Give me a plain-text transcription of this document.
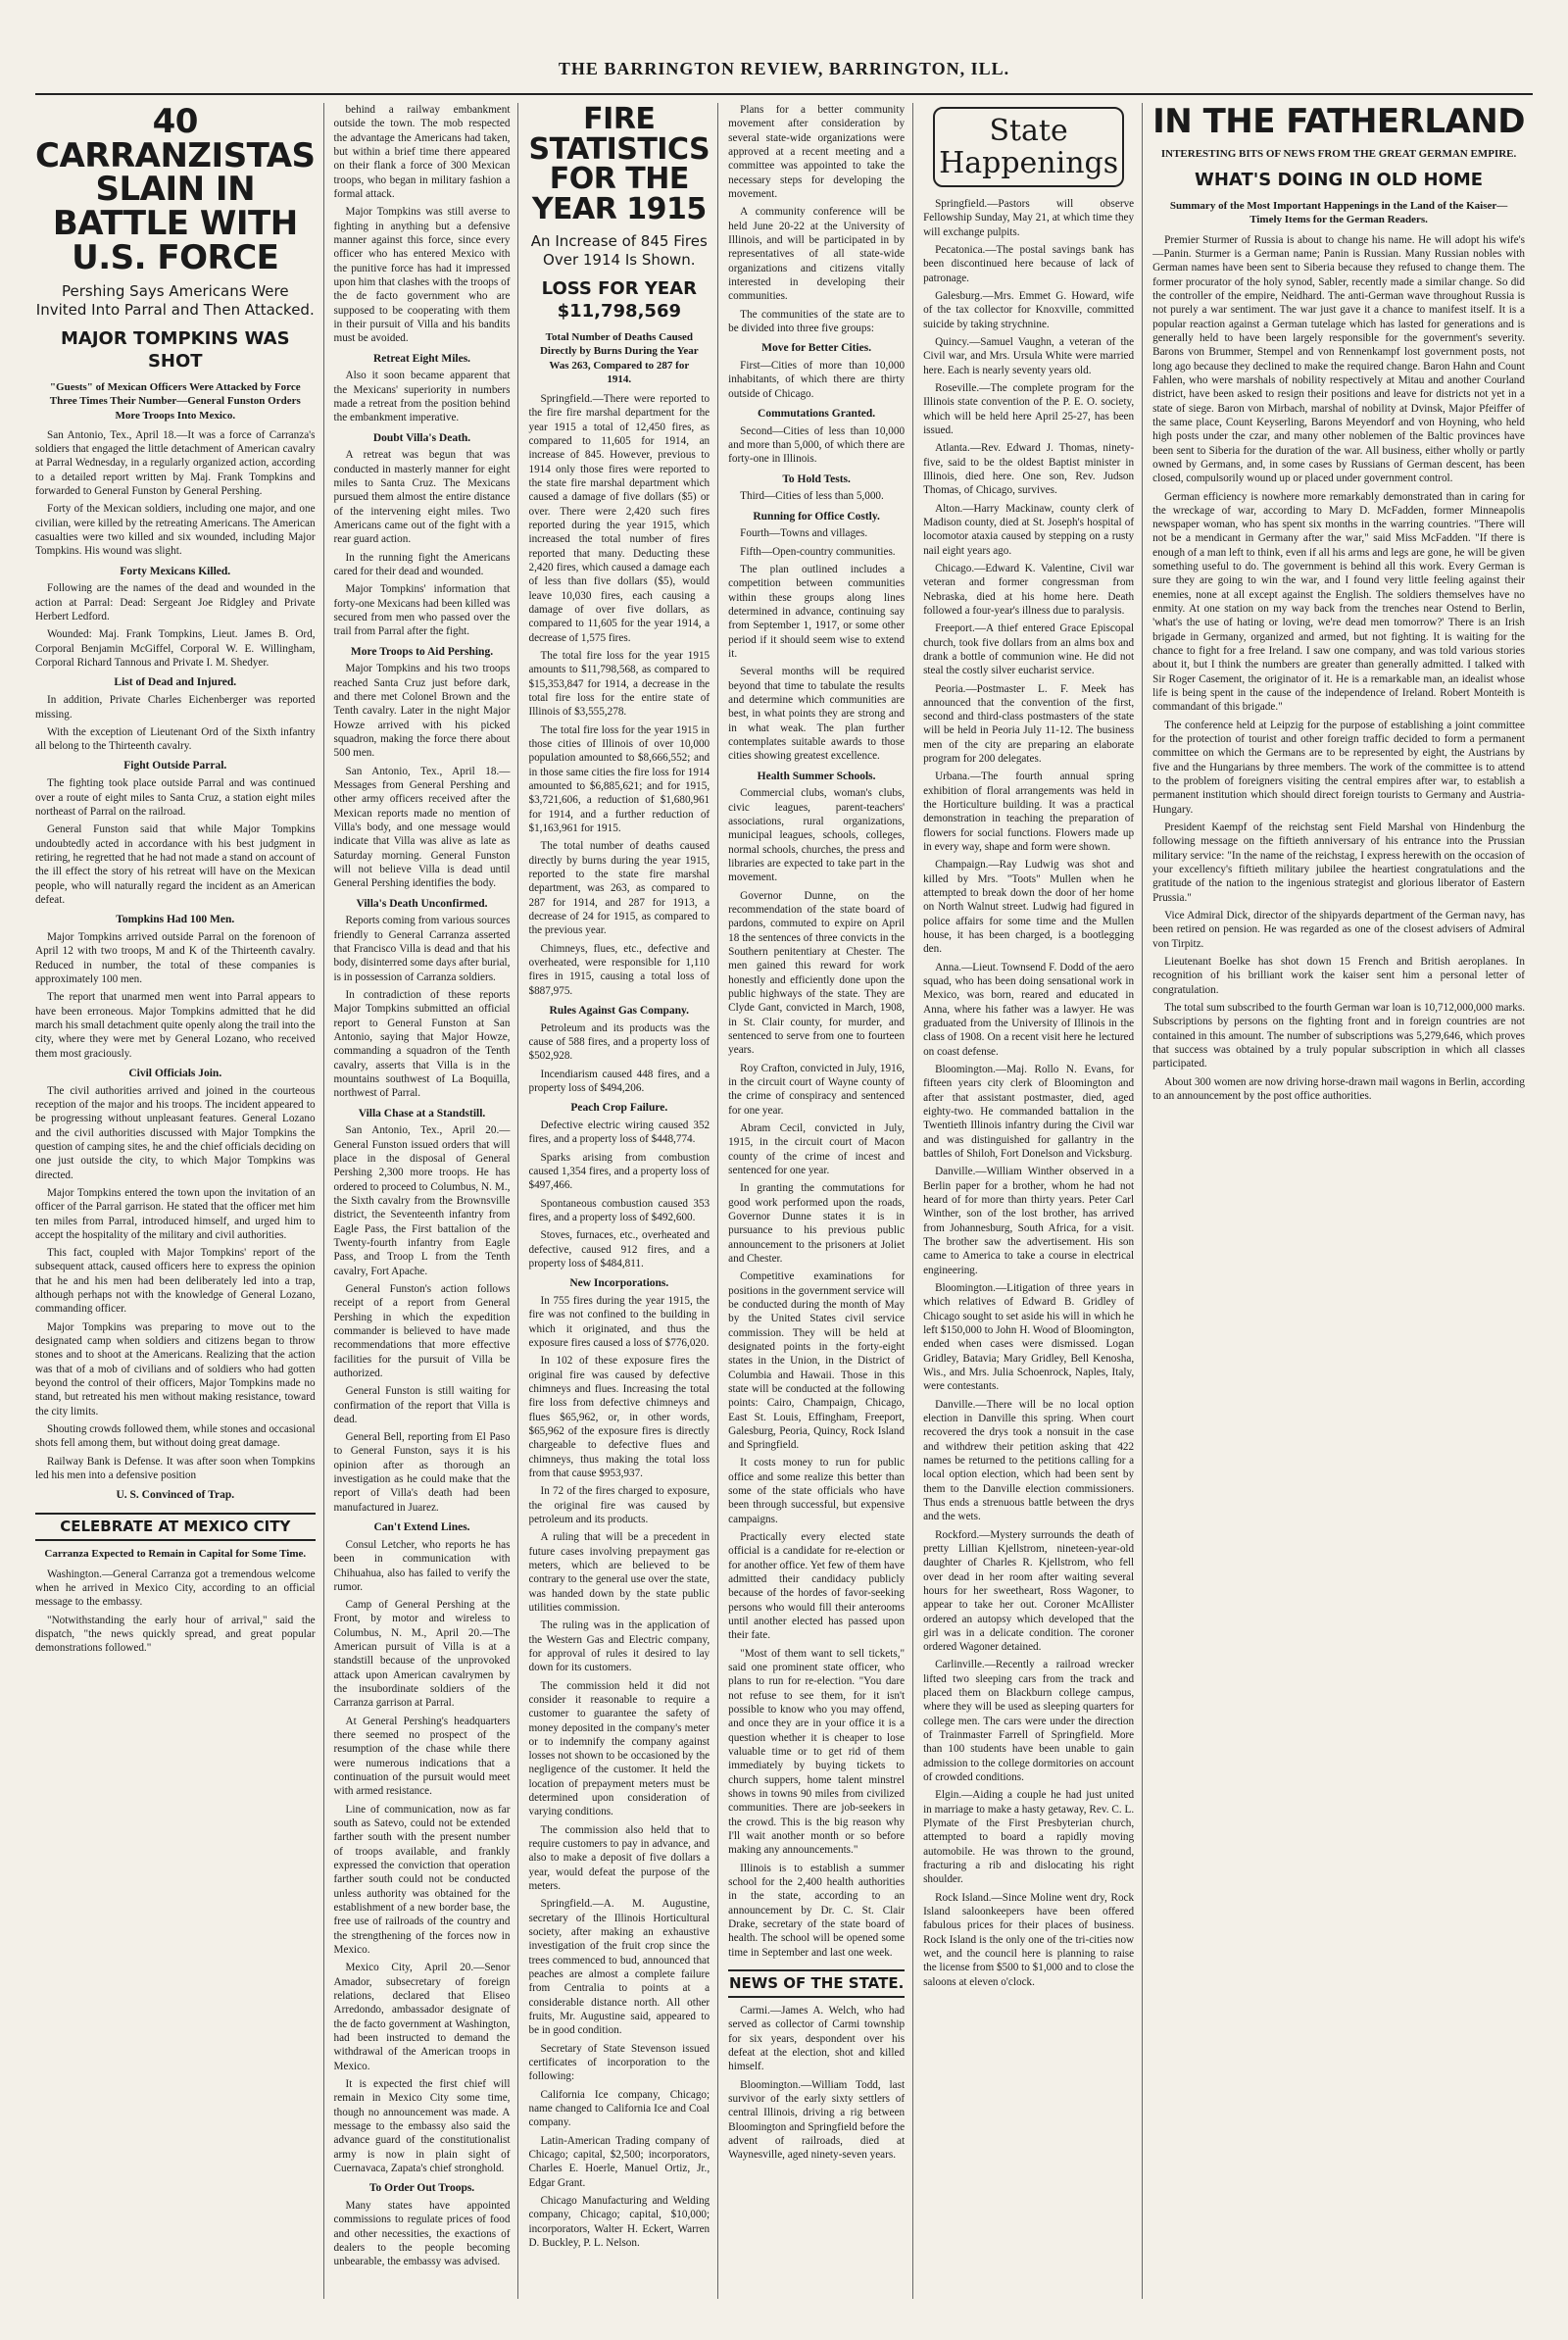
THE BARRINGTON REVIEW, BARRINGTON, ILL.
40 CARRANZISTAS SLAIN IN BATTLE WITH U.S. FORCE
Pershing Says Americans Were Invited Into Parral and Then Attacked.
MAJOR TOMPKINS WAS SHOT
"Guests" of Mexican Officers Were Attacked by Force Three Times Their Number—General Funston Orders More Troops Into Mexico.

San Antonio, Tex., April 18.—It was a force of Carranza's soldiers that engaged the little detachment of American cavalry at Parral Wednesday, in a regularly organized action, according to a detailed report written by Maj. Frank Tompkins and forwarded to General Funston by General Pershing.

Forty of the Mexican soldiers, including one major, and one civilian, were killed by the retreating Americans. The American casualties were two killed and six wounded, including Major Tompkins. His wound was slight.

Forty Mexicans Killed.

Following are the names of the dead and wounded in the action at Parral: Dead: Sergeant Joe Ridgley and Private Herbert Ledford.

Wounded: Maj. Frank Tompkins, Lieut. James B. Ord, Corporal Benjamin McGiffel, Corporal W. E. Willingham, Corporal Richard Tannous and Private I. M. Shedyer.

List of Dead and Injured.

In addition, Private Charles Eichenberger was reported missing.

With the exception of Lieutenant Ord of the Sixth infantry all belong to the Thirteenth cavalry.

Fight Outside Parral.

The fighting took place outside Parral and was continued over a route of eight miles to Santa Cruz, a station eight miles northeast of Parral on the railroad.

General Funston said that while Major Tompkins undoubtedly acted in accordance with his best judgment in retiring, he regretted that he had not made a stand on account of the ill effect the story of his retreat will have on the Mexican people, who will naturally regard the incident as an American defeat.

Tompkins Had 100 Men.

Major Tompkins arrived outside Parral on the forenoon of April 12 with two troops, M and K of the Thirteenth cavalry. Reduced in number, the total of these companies is approximately 100 men.

The report that unarmed men went into Parral appears to have been erroneous. Major Tompkins admitted that he did march his small detachment quite openly along the trail into the city, where they were met by General Lozano, who received them most graciously.

Civil Officials Join.

The civil authorities arrived and joined in the courteous reception of the major and his troops. The incident appeared to be progressing without unpleasant features. General Lozano and the civil authorities discussed with Major Tompkins the question of camping sites, he and the chief officials deciding on one just outside the city, to which Major Tompkins was directed.

Major Tompkins entered the town upon the invitation of an officer of the Parral garrison. He stated that the officer met him ten miles from Parral, introduced himself, and urged him to accept the hospitality of the military and civil authorities.

This fact, coupled with Major Tompkins' report of the subsequent attack, caused officers here to express the opinion that he and his men had been deliberately led into a trap, although perhaps not with the knowledge of General Lozano, commanding officer.

Major Tompkins was preparing to move out to the designated camp when soldiers and citizens began to throw stones and to shoot at the Americans. Realizing that the action was that of a mob of civilians and of soldiers who had gotten beyond the control of their officers, Major Tompkins made no stand, but retreated his men without making resistance, toward the city limits.

Shouting crowds followed them, while stones and occasional shots fell among them, but without doing great damage.

Railway Bank is Defense. It was after soon when Tompkins led his men into a defensive position

U. S. Convinced of Trap.
CELEBRATE AT MEXICO CITY
Carranza Expected to Remain in Capital for Some Time.

Washington.—General Carranza got a tremendous welcome when he arrived in Mexico City, according to an official message to the embassy.

"Notwithstanding the early hour of arrival," said the dispatch, "the news quickly spread, and great popular demonstrations followed."

behind a railway embankment outside the town. The mob respected the advantage the Americans had taken, but within a brief time there appeared on their flank a force of 300 Mexican troops, who began in military fashion a formal attack.

Major Tompkins was still averse to fighting in anything but a defensive manner against this force, since every officer who has entered Mexico with the punitive force has had it impressed upon him that clashes with the troops of the de facto government who are supposed to be cooperating with them in their pursuit of Villa and his bandits must be avoided.

Retreat Eight Miles.

Also it soon became apparent that the Mexicans' superiority in numbers made a retreat from the position behind the embankment imperative.

Doubt Villa's Death.

A retreat was begun that was conducted in masterly manner for eight miles to Santa Cruz. The Mexicans pursued them almost the entire distance of the intervening eight miles. Two Americans came out of the fight with a rear guard action.

In the running fight the Americans cared for their dead and wounded.

Major Tompkins' information that forty-one Mexicans had been killed was secured from men who passed over the trail from Parral after the fight.

More Troops to Aid Pershing.

Major Tompkins and his two troops reached Santa Cruz just before dark, and there met Colonel Brown and the Tenth cavalry. Later in the night Major Howze arrived with his picked squadron, making the force there about 500 men.

San Antonio, Tex., April 18.—Messages from General Pershing and other army officers received after the Mexican reports made no mention of Villa's body, and one message would indicate that Villa was alive as late as Saturday morning. General Funston will not believe Villa is dead until General Pershing identifies the body.

Villa's Death Unconfirmed.

Reports coming from various sources friendly to General Carranza asserted that Francisco Villa is dead and that his body, disinterred some days after burial, is in possession of Carranza soldiers.

In contradiction of these reports Major Tompkins submitted an official report to General Funston at San Antonio, saying that Major Howze, commanding a squadron of the Tenth cavalry, asserts that Villa is in the mountains southwest of La Boquilla, northwest of Parral.

Villa Chase at a Standstill.

San Antonio, Tex., April 20.—General Funston issued orders that will place in the disposal of General Pershing 2,300 more troops. He has ordered to proceed to Columbus, N. M., the Sixth cavalry from the Brownsville district, the Seventeenth infantry from Eagle Pass, the First battalion of the Twenty-fourth infantry from Eagle Pass, and Troop L from the Tenth cavalry, Fort Apache.

General Funston's action follows receipt of a report from General Pershing in which the expedition commander is believed to have made recommendations that more effective facilities for the pursuit of Villa be authorized.

General Funston is still waiting for confirmation of the report that Villa is dead.

General Bell, reporting from El Paso to General Funston, says it is his opinion after as thorough an investigation as he could make that the report of Villa's death had been manufactured in Juarez.

Can't Extend Lines.

Consul Letcher, who reports he has been in communication with Chihuahua, also has failed to verify the rumor.

Camp of General Pershing at the Front, by motor and wireless to Columbus, N. M., April 20.—The American pursuit of Villa is at a standstill because of the unprovoked attack upon American cavalrymen by the insubordinate soldiers of the Carranza garrison at Parral.

At General Pershing's headquarters there seemed no prospect of the resumption of the chase while there were numerous indications that a continuation of the pursuit would meet with armed resistance.

Line of communication, now as far south as Satevo, could not be extended farther south with the present number of troops available, and frankly expressed the conviction that operation farther south could not be conducted unless authority was obtained for the establishment of a new border base, the free use of railroads of the country and the strengthening of the forces now in Mexico.

Mexico City, April 20.—Senor Amador, subsecretary of foreign relations, declared that Eliseo Arredondo, ambassador designate of the de facto government at Washington, had been instructed to demand the withdrawal of the American troops in Mexico.

It is expected the first chief will remain in Mexico City some time, though no announcement was made. A message to the embassy also said the advance guard of the constitutionalist army is now in plain sight of Cuernavaca, Zapata's chief stronghold.

To Order Out Troops.

Many states have appointed commissions to regulate prices of food and other necessities, the exactions of dealers to the people becoming unbearable, the embassy was advised.

FIRE STATISTICS FOR THE YEAR 1915
An Increase of 845 Fires Over 1914 Is Shown.
LOSS FOR YEAR $11,798,569
Total Number of Deaths Caused Directly by Burns During the Year Was 263, Compared to 287 for 1914.

Springfield.—There were reported to the fire fire marshal department for the year 1915 a total of 12,450 fires, as compared to 11,605 for 1914, an increase of 845. However, previous to 1914 only those fires were reported to the state fire marshal department which caused a damage of five dollars ($5) or over. There were 2,420 such fires reported during the year 1915, which increased the total number of fires reported that many. Deducting these 2,420 fires, which caused a damage each of less than five dollars ($5), would leave 10,030 fires, each causing a damage of over five dollars, as compared to 11,605 for the year 1914, a decrease of 1,575 fires.

The total fire loss for the year 1915 amounts to $11,798,568, as compared to $15,353,847 for 1914, a decrease in the total fire loss for the entire state of Illinois of $3,555,278.

The total fire loss for the year 1915 in those cities of Illinois of over 10,000 population amounted to $8,666,552; and in those same cities the fire loss for 1914 amounted to $6,885,621; and for 1915, $3,721,606, a reduction of $1,680,961 for 1914, and a further reduction of $1,163,961 for 1915.

The total number of deaths caused directly by burns during the year 1915, reported to the state fire marshal department, was 263, as compared to 287 for 1914, and 287 for 1913, a decrease of 24 for 1915, as compared to the previous year.

Chimneys, flues, etc., defective and overheated, were responsible for 1,110 fires in 1915, causing a total loss of $887,975.

Rules Against Gas Company.

Petroleum and its products was the cause of 588 fires, and a property loss of $502,928.

Incendiarism caused 448 fires, and a property loss of $494,206.

Peach Crop Failure.

Defective electric wiring caused 352 fires, and a property loss of $448,774.

Sparks arising from combustion caused 1,354 fires, and a property loss of $497,466.

Spontaneous combustion caused 353 fires, and a property loss of $492,600.

Stoves, furnaces, etc., overheated and defective, caused 912 fires, and a property loss of $484,811.

New Incorporations.

In 755 fires during the year 1915, the fire was not confined to the building in which it originated, and thus the exposure fires caused a loss of $776,020.

In 102 of these exposure fires the original fire was caused by defective chimneys and flues. Increasing the total fire loss from defective chimneys and flues $65,962, or, in other words, $65,962 of the exposure fires is directly chargeable to defective flues and chimneys, thus making the total loss from that cause $953,937.

In 72 of the fires charged to exposure, the original fire was caused by petroleum and its products.

A ruling that will be a precedent in future cases involving prepayment gas meters, which are believed to be contrary to the general use over the state, was handed down by the state public utilities commission.

The ruling was in the application of the Western Gas and Electric company, for approval of rules it desired to lay down for its customers.

The commission held it did not consider it reasonable to require a customer to guarantee the safety of money deposited in the company's meter or to indemnify the company against losses not shown to be occasioned by the negligence of the customer. It held the location of prepayment meters must be determined upon consideration of varying conditions.

The commission also held that to require customers to pay in advance, and also to make a deposit of five dollars a year, would defeat the purpose of the meters.

Springfield.—A. M. Augustine, secretary of the Illinois Horticultural society, after making an exhaustive investigation of the fruit crop since the trees commenced to bud, announced that peaches are almost a complete failure from Centralia to points at a considerable distance north. All other fruits, Mr. Augustine said, appeared to be in good condition.

Secretary of State Stevenson issued certificates of incorporation to the following:

California Ice company, Chicago; name changed to California Ice and Coal company.

Latin-American Trading company of Chicago; capital, $2,500; incorporators, Charles E. Hoerle, Manuel Ortiz, Jr., Edgar Grant.

Chicago Manufacturing and Welding company, Chicago; capital, $10,000; incorporators, Walter H. Eckert, Warren D. Buckley, P. L. Nelson.

Plans for a better community movement after consideration by several state-wide organizations were approved at a recent meeting and a committee was appointed to take the necessary steps for developing the movement.

A community conference will be held June 20-22 at the University of Illinois, and will be participated in by representatives of all state-wide organizations and citizens vitally interested in developing their communities.

The communities of the state are to be divided into three five groups:

Move for Better Cities.

First—Cities of more than 10,000 inhabitants, of which there are thirty outside of Chicago.

Commutations Granted.

Second—Cities of less than 10,000 and more than 5,000, of which there are forty-one in Illinois.

To Hold Tests.

Third—Cities of less than 5,000.

Running for Office Costly.

Fourth—Towns and villages.

Fifth—Open-country communities.

The plan outlined includes a competition between communities within these groups along lines determined in advance, continuing say from September 1, 1917, or some other period if it should seem wise to extend it.

Several months will be required beyond that time to tabulate the results and determine which communities are best, in what points they are strong and in what weak. The plan further contemplates suitable awards to those cities showing greatest excellence.

Health Summer Schools.

Commercial clubs, woman's clubs, civic leagues, parent-teachers' associations, rural organizations, municipal leagues, schools, colleges, normal schools, churches, the press and libraries are expected to take part in the movement.

Governor Dunne, on the recommendation of the state board of pardons, commuted to expire on April 18 the sentences of three convicts in the Southern penitentiary at Chester. The men gained this reward for work honestly and efficiently done upon the public highways of the state. They are Clyde Gant, convicted in March, 1908, in St. Clair county, for murder, and sentenced to serve from one to fourteen years.

Roy Crafton, convicted in July, 1916, in the circuit court of Wayne county of the crime of conspiracy and sentenced for one year.

Abram Cecil, convicted in July, 1915, in the circuit court of Macon county of the crime of incest and sentenced for one year.

In granting the commutations for good work performed upon the roads, Governor Dunne states it is in pursuance to his previous public announcement to the prisoners at Joliet and Chester.

Competitive examinations for positions in the government service will be conducted during the month of May by the United States civil service commission. They will be held at designated points in the forty-eight states in the Union, in the District of Columbia and Hawaii. Those in this state will be conducted at the following points: Cairo, Champaign, Chicago, East St. Louis, Effingham, Freeport, Galesburg, Peoria, Quincy, Rock Island and Springfield.

It costs money to run for public office and some realize this better than some of the state officials who have been through successful, but expensive campaigns.

Practically every elected state official is a candidate for re-election or for another office. Yet few of them have admitted their candidacy publicly because of the hordes of favor-seeking persons who would fill their anterooms until another elected has passed upon their fate.

"Most of them want to sell tickets," said one prominent state officer, who plans to run for re-election. "You dare not refuse to see them, for it isn't possible to know who you may offend, and once they are in your office it is a question whether it is cheaper to lose valuable time or to get rid of them immediately by buying tickets to church suppers, home talent minstrel shows in towns 90 miles from civilized communities. There are job-seekers in the crowd. This is the big reason why I'll wait another month or so before making any announcements."

Illinois is to establish a summer school for the 2,400 health authorities in the state, according to an announcement by Dr. C. St. Clair Drake, secretary of the state board of health. The school will be opened some time in September and last one week.

NEWS OF THE STATE.

Carmi.—James A. Welch, who had served as collector of Carmi township for six years, despondent over his defeat at the election, shot and killed himself.

Bloomington.—William Todd, last survivor of the early sixty settlers of central Illinois, driving a rig between Bloomington and Springfield before the advent of railroads, died at Waynesville, aged ninety-seven years.

State Happenings

Springfield.—Pastors will observe Fellowship Sunday, May 21, at which time they will exchange pulpits.

Pecatonica.—The postal savings bank has been discontinued here because of lack of patronage.

Galesburg.—Mrs. Emmet G. Howard, wife of the tax collector for Knoxville, committed suicide by taking strychnine.

Quincy.—Samuel Vaughn, a veteran of the Civil war, and Mrs. Ursula White were married here. Each is nearly seventy years old.

Roseville.—The complete program for the Illinois state convention of the P. E. O. society, which will be held here April 25-27, has been issued.

Atlanta.—Rev. Edward J. Thomas, ninety-five, said to be the oldest Baptist minister in Illinois, died here. One son, Rev. Judson Thomas, of Chicago, survives.

Alton.—Harry Mackinaw, county clerk of Madison county, died at St. Joseph's hospital of locomotor ataxia caused by stepping on a rusty nail eight years ago.

Chicago.—Edward K. Valentine, Civil war veteran and former congressman from Nebraska, died at his home here. Death followed a four-year's illness due to paralysis.

Freeport.—A thief entered Grace Episcopal church, took five dollars from an alms box and drank a bottle of communion wine. He did not steal the costly silver eucharist service.

Peoria.—Postmaster L. F. Meek has announced that the convention of the first, second and third-class postmasters of the state will be held in Peoria July 11-12. The business men of the city are preparing an elaborate program for 200 delegates.

Urbana.—The fourth annual spring exhibition of floral arrangements was held in the Horticulture building. It was a practical demonstration in teaching the preparation of flowers for social functions. Flowers made up in every way, shape and form were shown.

Champaign.—Ray Ludwig was shot and killed by Mrs. "Toots" Mullen when he attempted to break down the door of her home on North Walnut street. Ludwig had figured in police affairs for some time and the Mullen house, it has been charged, is a bootlegging den.

Anna.—Lieut. Townsend F. Dodd of the aero squad, who has been doing sensational work in Mexico, was born, reared and educated in Anna, where his father was a lawyer. He was graduated from the University of Illinois in the class of 1908. On a recent visit here he lectured on coast defense.

Bloomington.—Maj. Rollo N. Evans, for fifteen years city clerk of Bloomington and after that assistant postmaster, died, aged eighty-two. He commanded battalion in the Twentieth Illinois infantry during the Civil war and was distinguished for gallantry in the battles of Shiloh, Fort Donelson and Vicksburg.

Danville.—William Winther observed in a Berlin paper for a brother, whom he had not heard of for more than thirty years. Peter Carl Winther, son of the lost brother, has arrived from Johannesburg, South Africa, for a visit. The brother saw the advertisement. His son came to America to take a course in electrical engineering.

Bloomington.—Litigation of three years in which relatives of Edward B. Gridley of Chicago sought to set aside his will in which he left $150,000 to John H. Wood of Bloomington, ended when cases were dismissed. Logan Gridley, Batavia; Mary Gridley, Bell Kenosha, Wis., and Mrs. Julia Schoenrock, Naples, Italy, were contestants.

Danville.—There will be no local option election in Danville this spring. When court recovered the drys took a nonsuit in the case and withdrew their petition asking that 422 names be returned to the petitions calling for a local option election, which had been sent by them to the Danville election commissioners. Thus ends a strenuous battle between the drys and the wets.

Rockford.—Mystery surrounds the death of pretty Lillian Kjellstrom, nineteen-year-old daughter of Charles R. Kjellstrom, who fell over dead in her room after waiting several hours for her sweetheart, Ross Wagoner, to appear to take her out. Coroner McAllister ordered an autopsy which developed that the girl was in a delicate condition. The coroner ordered Wagoner detained.

Carlinville.—Recently a railroad wrecker lifted two sleeping cars from the track and placed them on Blackburn college campus, where they will be used as sleeping quarters for college men. The cars were under the direction of Trainmaster Farrell of Springfield. More than 100 students have been unable to gain admission to the college dormitories on account of crowded conditions.

Elgin.—Aiding a couple he had just united in marriage to make a hasty getaway, Rev. C. L. Plymate of the First Presbyterian church, attempted to board a rapidly moving automobile. He was thrown to the ground, fracturing a rib and dislocating his right shoulder.

Rock Island.—Since Moline went dry, Rock Island saloonkeepers have been offered fabulous prices for their places of business. Rock Island is the only one of the tri-cities now wet, and the council here is planning to raise the license from $500 to $1,000 and to close the saloons at eleven o'clock.

IN THE FATHERLAND
INTERESTING BITS OF NEWS FROM THE GREAT GERMAN EMPIRE.
WHAT'S DOING IN OLD HOME
Summary of the Most Important Happenings in the Land of the Kaiser—Timely Items for the German Readers.

Premier Sturmer of Russia is about to change his name. He will adopt his wife's—Panin. Sturmer is a German name; Panin is Russian. Many Russian nobles with German names have been sent to Siberia because they refused to change them. The former procurator of the holy synod, Sabler, recently made a similar change. So did the controller of the empire, Neidhard. The anti-German wave throughout Russia is not purely a war sentiment. The war just gave it a chance to manifest itself. It is a popular reaction against a German tutelage which has lasted for generations and is generally held to have been largely responsible for the government's severity. Barons von Brummer, Stempel and von Rennenkampf lost government posts, not long ago because they declined to make the required change. Baron Hahn and Count Fahlen, who were marshals of nobility respectively at Mitau and another Courland district, have been asked to resign their positions and leave for districts not yet in a state of siege. Baron von Mirbach, marshal of nobility at Dvinsk, Major Pfeiffer of the same place, Count Keyserling, Barons Meyendorf and von Hoyning, who held high posts under the czar, and many other noblemen of the Baltic provinces have been sent to Siberia for the duration of the war. All business, either wholly or partly owned by Germans, and, in some cases by Russians of German descent, has been closed, compulsorily wound up or placed under government control.

German efficiency is nowhere more remarkably demonstrated than in caring for the wreckage of war, according to Mary D. McFadden, former Minneapolis newspaper woman, who has spent six months in the warring countries. "There will not be a mendicant in Germany after the war," said Miss McFadden. "If there is enough of a man left to think, even if all his arms and legs are gone, he will be given something useful to do. The government is behind all this work. Every German is sure they are going to win the war, and I found very little feeling against their enemies, none at all except against the English. The soldiers themselves have no enmity. At one station on my way back from the trenches near Ostend to Berlin, 'what's the use of hating or loving, we're dead men tomorrow?' There is an Irish brigade in Germany, organized and armed, but not fighting. It is waiting for the chance to fight for a free Ireland. I saw one company, and was told various stories about it, but I think the numbers are greater than generally admitted. I talked with Sir Roger Casement, the originator of it. He is a remarkable man, an idealist whose life is being spent in the cause of the independence of Ireland. Robert Monteith is commandant of this brigade."

The conference held at Leipzig for the purpose of establishing a joint committee for the protection of tourist and other foreign traffic decided to form a permanent committee on which the Germans are to be represented by eight, the Austrians by five and the Hungarians by three members. The work of the committee is to attend to the problem of foreigners visiting the central empires after war, to establish a permanent institution which should direct foreign tourists to Germany and Austria-Hungary.

President Kaempf of the reichstag sent Field Marshal von Hindenburg the following message on the fiftieth anniversary of his entrance into the Prussian military service: "In the name of the reichstag, I express herewith on the occasion of your excellency's fiftieth military jubilee the heartiest congratulations and the gratitude of the nation to the ingenious strategist and glorious liberator of Eastern Prussia."

Vice Admiral Dick, director of the shipyards department of the German navy, has been retired on pension. He was regarded as one of the closest advisers of Admiral von Tirpitz.

Lieutenant Boelke has shot down 15 French and British aeroplanes. In recognition of his brilliant work the kaiser sent him a personal letter of congratulation.

The total sum subscribed to the fourth German war loan is 10,712,000,000 marks. Subscriptions by persons on the fighting front and in foreign countries are not contained in this amount. The number of subscriptions was 5,279,646, which proves that success was obtained by a truly popular subscription in which all classes participated.

About 300 women are now driving horse-drawn mail wagons in Berlin, according to an announcement by the post office authorities.
